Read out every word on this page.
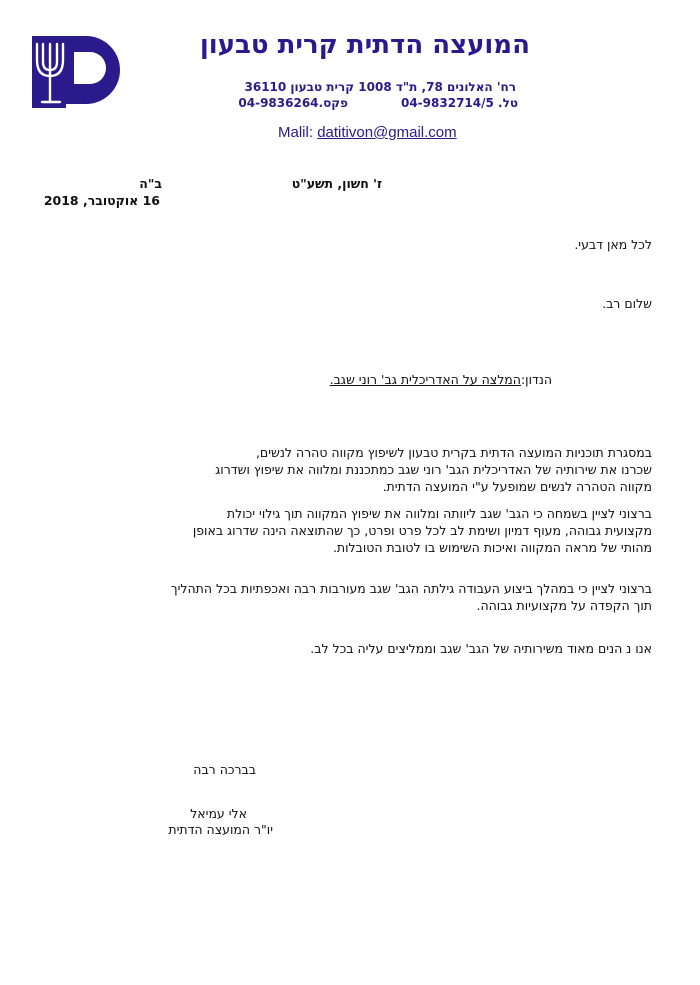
המועצה הדתית קרית טבעון
רח' האלונים 78, ת"ד 1008 קרית טבעון 36110
טל. 04-9832714/5
פקס.04-9836264
Malil: datitivon@gmail.com
ז' חשון, תשע"ט
ב"ה
16 אוקטובר, 2018
לכל מאן דבעי.
שלום רב.
הנדון:המלצה על האדריכלית גב' רוני שגב.
במסגרת תוכניות המועצה הדתית בקרית טבעון לשיפוץ מקווה טהרה לנשים,
שכרנו את שירותיה של האדריכלית הגב' רוני שגב כמתכננת ומלווה את שיפוץ ושדרוג
מקווה הטהרה לנשים שמופעל ע"י המועצה הדתית.
ברצוני לציין בשמחה כי הגב' שגב ליוותה ומלווה את שיפוץ המקווה תוך גילוי יכולת
מקצועית גבוהה, מעוף דמיון ושימת לב לכל פרט ופרט, כך שהתוצאה הינה שדרוג באופן
מהותי של מראה המקווה ואיכות השימוש בו לטובת הטובלות.
ברצוני לציין כי במהלך ביצוע העבודה גילתה הגב' שגב מעורבות רבה ואכפתיות בכל התהליך
תוך הקפדה על מקצועיות גבוהה.
אנו נ הנים מאוד משירותיה של הגב' שגב וממליצים עליה בכל לב.
בברכה רבה
אלי עמיאל
יו"ר המועצה הדתית
